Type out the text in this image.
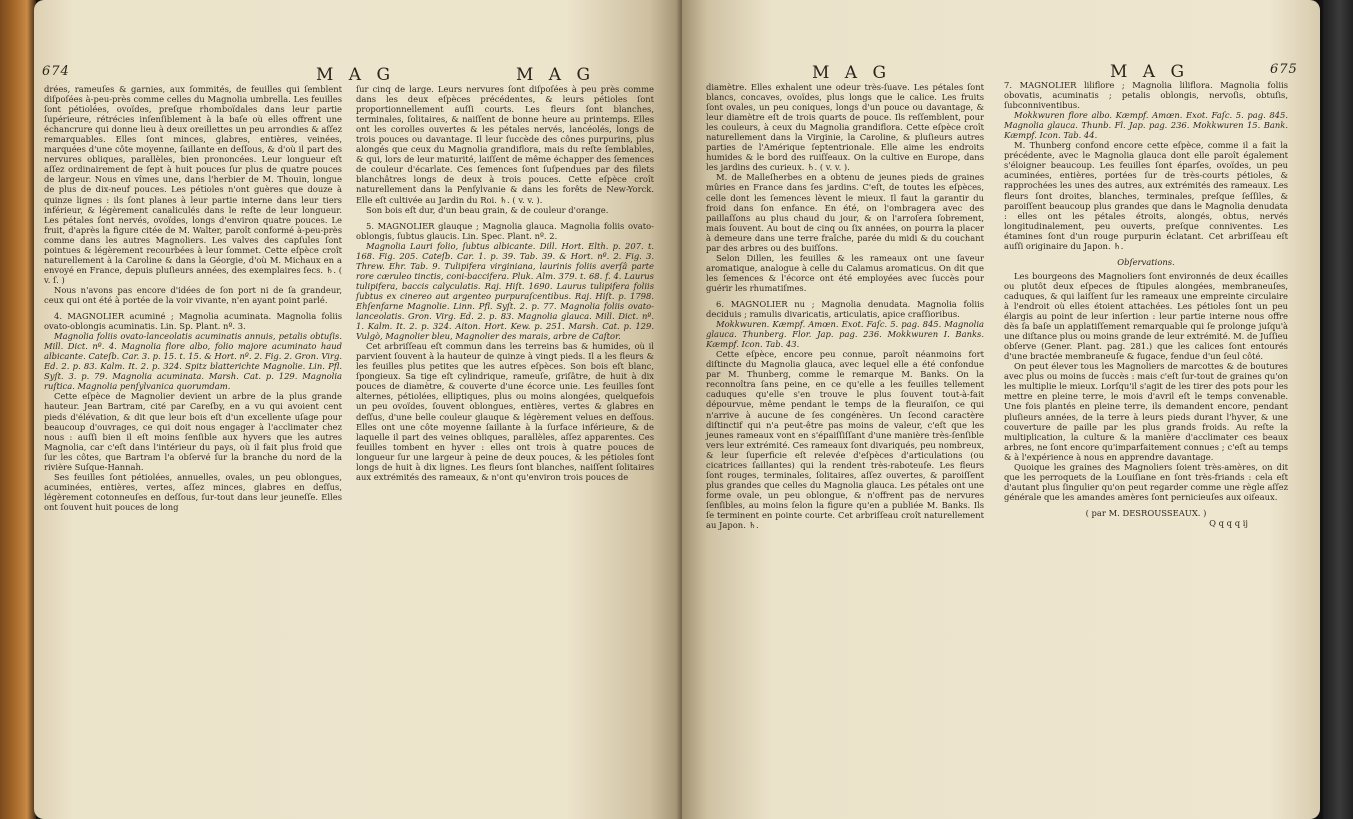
674	M A G	M A G

drées, rameuſes & garnies, aux ſommités, de feuilles qui ſemblent diſpoſées à-peu-près comme celles du Magnolia umbrella. Les feuilles ſont pétiolées, ovoïdes, preſque rhomboïdales dans leur partie ſupérieure, rétrécies inſenſiblement à la baſe où elles offrent une échancrure qui donne lieu à deux oreillettes un peu arrondies & aſſez remarquables. Elles ſont minces, glabres, entières, veinées, marquées d'une côte moyenne, ſaillante en deſſous, & d'où il part des nervures obliques, parallèles, bien prononcées. Leur longueur eſt aſſez ordinairement de ſept à huit pouces ſur plus de quatre pouces de largeur. Nous en vîmes une, dans l'herbier de M. Thouin, longue de plus de dix-neuf pouces. Les pétioles n'ont guères que douze à quinze lignes : ils ſont planes à leur partie interne dans leur tiers inférieur, & légèrement canaliculés dans le reſte de leur longueur. Les pétales ſont nervés, ovoïdes, longs d'environ quatre pouces. Le fruit, d'après la figure citée de M. Walter, paroît conformé à-peu-près comme dans les autres Magnoliers. Les valves des capſules ſont pointues & légèrement recourbées à leur ſommet. Cette eſpèce croît naturellement à la Caroline & dans la Géorgie, d'où M. Michaux en a envoyé en France, depuis pluſieurs années, des exemplaires ſecs. ♄. ( v. ſ. )

Nous n'avons pas encore d'idées de ſon port ni de ſa grandeur, ceux qui ont été à portée de la voir vivante, n'en ayant point parlé.

4. MAGNOLIER acuminé ; Magnolia acuminata. Magnolia foliis ovato-oblongis acuminatis. Lin. Sp. Plant. nº. 3.

Magnolia foliis ovato-lanceolatis acuminatis annuis, petalis obtuſis. Mill. Dict. nº. 4. Magnolia flore albo, folio majore acuminato haud albicante. Cateſb. Car. 3. p. 15. t. 15. & Hort. nº. 2. Fig. 2. Gron. Virg. Ed. 2. p. 83. Kalm. It. 2. p. 324. Spitz blatterichte Magnolie. Lin. Pfl. Syſt. 3. p. 79. Magnolia acuminata. Marsh. Cat. p. 129. Magnolia ruſtica. Magnolia penſylvanica quorumdam.

Cette eſpèce de Magnolier devient un arbre de la plus grande hauteur. Jean Bartram, cité par Careſby, en a vu qui avoient cent pieds d'élévation, & dit que leur bois eſt d'un excellente uſage pour beaucoup d'ouvrages, ce qui doit nous engager à l'acclimater chez nous : auſſi bien il eſt moins ſenſible aux hyvers que les autres Magnolia, car c'eſt dans l'intérieur du pays, où il fait plus froid que ſur les côtes, que Bartram l'a obſervé ſur la branche du nord de la rivière Suſque-Hannah.

Ses feuilles ſont pétiolées, annuelles, ovales, un peu oblongues, acuminées, entières, vertes, aſſez minces, glabres en deſſus, légèrement cotonneuſes en deſſous, ſur-tout dans leur jeuneſſe. Elles ont ſouvent huit pouces de long

ſur cinq de large. Leurs nervures ſont diſpoſées à peu près comme dans les deux eſpèces précédentes, & leurs pétioles ſont proportionnellement auſſi courts. Les fleurs ſont blanches, terminales, ſolitaires, & naiſſent de bonne heure au printemps. Elles ont les corolles ouvertes & les pétales nervés, lancéolés, longs de trois pouces ou davantage. Il leur ſuccède des cônes purpurins, plus alongés que ceux du Magnolia grandiflora, mais du reſte ſemblables, & qui, lors de leur maturité, laiſſent de même échapper des ſemences de couleur d'écarlate. Ces ſemences ſont ſuſpendues par des filets blanchâtres longs de deux à trois pouces. Cette eſpèce croît naturellement dans la Penſylvanie & dans les forêts de New-Yorck. Elle eſt cultivée au Jardin du Roi. ♄. ( v. v. ).

Son bois eſt dur, d'un beau grain, & de couleur d'orange.

5. MAGNOLIER glauque ; Magnolia glauca. Magnolia foliis ovato-oblongis, ſubtus glaucis. Lin. Spec. Plant. nº. 2.

Magnolia Lauri folio, ſubtus albicante. Dill. Hort. Elth. p. 207. t. 168. Fig. 205. Cateſb. Car. 1. p. 39. Tab. 39. & Hort. nº. 2. Fig. 3. Threw. Ehr. Tab. 9. Tulipifera virginiana, laurinis foliis averſâ parte rore cæruleo tinctis, coni-baccifera. Pluk. Alm. 379. t. 68. f. 4. Laurus tulipifera, baccis calyculatis. Raj. Hiſt. 1690. Laurus tulipifera foliis ſubtus ex cinereo aut argenteo purpuraſcentibus. Raj. Hiſt. p. 1798. Ehſenfarne Magnolie. Linn. Pfl. Syſt. 2. p. 77. Magnolia foliis ovato-lanceolatis. Gron. Virg. Ed. 2. p. 83. Magnolia glauca. Mill. Dict. nº. 1. Kalm. It. 2. p. 324. Aiton. Hort. Kew. p. 251. Marsh. Cat. p. 129. Vulgò, Magnolier bleu, Magnolier des marais, arbre de Caſtor.

Cet arbriſſeau eſt commun dans les terreins bas & humides, où il parvient ſouvent à la hauteur de quinze à vingt pieds. Il a les fleurs & les feuilles plus petites que les autres eſpèces. Son bois eſt blanc, ſpongieux. Sa tige eſt cylindrique, rameuſe, griſâtre, de huit à dix pouces de diamètre, & couverte d'une écorce unie. Les feuilles ſont alternes, pétiolées, elliptiques, plus ou moins alongées, quelquefois un peu ovoïdes, ſouvent oblongues, entières, vertes & glabres en deſſus, d'une belle couleur glauque & légèrement velues en deſſous. Elles ont une côte moyenne ſaillante à la ſurface inférieure, & de laquelle il part des veines obliques, parallèles, aſſez apparentes. Ces feuilles tombent en hyver : elles ont trois à quatre pouces de longueur ſur une largeur à peine de deux pouces, & les pétioles ſont longs de huit à dix lignes. Les fleurs ſont blanches, naiſſent ſolitaires aux extrémités des rameaux, & n'ont qu'environ trois pouces de

M A G	M A G	675

diamètre. Elles exhalent une odeur très-ſuave. Les pétales ſont blancs, concaves, ovoïdes, plus longs que le calice. Les fruits ſont ovales, un peu coniques, longs d'un pouce ou davantage, & leur diamètre eſt de trois quarts de pouce. Ils reſſemblent, pour les couleurs, à ceux du Magnolia grandiflora. Cette eſpèce croît naturellement dans la Virginie, la Caroline, & pluſieurs autres parties de l'Amérique ſeptentrionale. Elle aime les endroits humides & le bord des ruiſſeaux. On la cultive en Europe, dans les jardins des curieux. ♄. ( v. v. ).

M. de Malleſherbes en a obtenu de jeunes pieds de graines mûries en France dans ſes jardins. C'eſt, de toutes les eſpèces, celle dont les ſemences lèvent le mieux. Il faut la garantir du froid dans ſon enfance. En été, on l'ombragera avec des paillaſſons au plus chaud du jour, & on l'arroſera ſobrement, mais ſouvent. Au bout de cinq ou ſix années, on pourra la placer à demeure dans une terre fraîche, parée du midi & du couchant par des arbres ou des buiſſons.

Selon Dillen, les feuilles & les rameaux ont une ſaveur aromatique, analogue à celle du Calamus aromaticus. On dit que les ſemences & l'écorce ont été employées avec ſuccès pour guérir les rhumatiſmes.

6. MAGNOLIER nu ; Magnolia denudata. Magnolia foliis deciduis ; ramulis divaricatis, articulatis, apice craſſioribus.

Mokkwuren. Kæmpf. Amœn. Exot. Faſc. 5. pag. 845. Magnolia glauca. Thunberg. Flor. Jap. pag. 236. Mokkwuren I. Banks. Kæmpf. Icon. Tab. 43.

Cette eſpèce, encore peu connue, paroît néanmoins fort diſtincte du Magnolia glauca, avec lequel elle a été confondue par M. Thunberg, comme le remarque M. Banks. On la reconnoîtra ſans peine, en ce qu'elle a les feuilles tellement caduques qu'elle s'en trouve le plus ſouvent tout-à-fait dépourvue, même pendant le temps de la fleuraiſon, ce qui n'arrive à aucune de ſes congénères. Un ſecond caractère diſtinctif qui n'a peut-être pas moins de valeur, c'eſt que les jeunes rameaux vont en s'épaiſſiſſant d'une manière très-ſenſible vers leur extrémité. Ces rameaux ſont divariqués, peu nombreux, & leur ſuperficie eſt relevée d'eſpèces d'articulations (ou cicatrices ſaillantes) qui la rendent très-raboteuſe. Les fleurs ſont rouges, terminales, ſolitaires, aſſez ouvertes, & paroiſſent plus grandes que celles du Magnolia glauca. Les pétales ont une forme ovale, un peu oblongue, & n'offrent pas de nervures ſenſibles, au moins ſelon la figure qu'en a publiée M. Banks. Ils ſe terminent en pointe courte. Cet arbriſſeau croît naturellement au Japon. ♄.

7. MAGNOLIER liliflore ; Magnolia liliflora. Magnolia foliis obovatis, acuminatis ; petalis oblongis, nervoſis, obtuſis, ſubconniventibus.

Mokkwuren flore albo. Kæmpf. Amœn. Exot. Faſc. 5. pag. 845. Magnolia glauca. Thunb. Fl. Jap. pag. 236. Mokkwuren 15. Bank. Kæmpf. Icon. Tab. 44.

M. Thunberg confond encore cette eſpèce, comme il a fait la précédente, avec le Magnolia glauca dont elle paroît également s'éloigner beaucoup. Les feuilles ſont éparſes, ovoïdes, un peu acuminées, entières, portées ſur de très-courts pétioles, & rapprochées les unes des autres, aux extrémités des rameaux. Les fleurs ſont droites, blanches, terminales, preſque ſeſſiles, & paroiſſent beaucoup plus grandes que dans le Magnolia denudata : elles ont les pétales étroits, alongés, obtus, nervés longitudinalement, peu ouverts, preſque conniventes. Les étamines ſont d'un rouge purpurin éclatant. Cet arbriſſeau eſt auſſi originaire du Japon. ♄.

Obſervations.

Les bourgeons des Magnoliers ſont environnés de deux écailles ou plutôt deux eſpeces de ſtipules alongées, membraneuſes, caduques, & qui laiſſent ſur les rameaux une empreinte circulaire à l'endroit où elles étoient attachées. Les pétioles ſont un peu élargis au point de leur inſertion : leur partie interne nous offre dès ſa baſe un applatiſſement remarquable qui ſe prolonge juſqu'à une diſtance plus ou moins grande de leur extrémité. M. de Juſſieu obſerve (Gener. Plant. pag. 281.) que les calices ſont entourés d'une bractée membraneuſe & fugace, fendue d'un ſeul côté.

On peut élever tous les Magnoliers de marcottes & de boutures avec plus ou moins de ſuccès : mais c'eſt ſur-tout de graines qu'on les multiplie le mieux. Lorſqu'il s'agit de les tirer des pots pour les mettre en pleine terre, le mois d'avril eſt le temps convenable. Une fois plantés en pleine terre, ils demandent encore, pendant pluſieurs années, de la terre à leurs pieds durant l'hyver, & une couverture de paille par les plus grands froids. Au reſte la multiplication, la culture & la manière d'acclimater ces beaux arbres, ne ſont encore qu'imparfaitement connues ; c'eſt au temps & à l'expérience à nous en apprendre davantage.

Quoique les graines des Magnoliers ſoient très-amères, on dit que les perroquets de la Louiſiane en ſont très-friands : cela eſt d'autant plus ſingulier qu'on peut regarder comme une règle aſſez générale que les amandes amères ſont pernicieuſes aux oiſeaux.

( par M. DESROUSSEAUX. )

Q q q q ij
